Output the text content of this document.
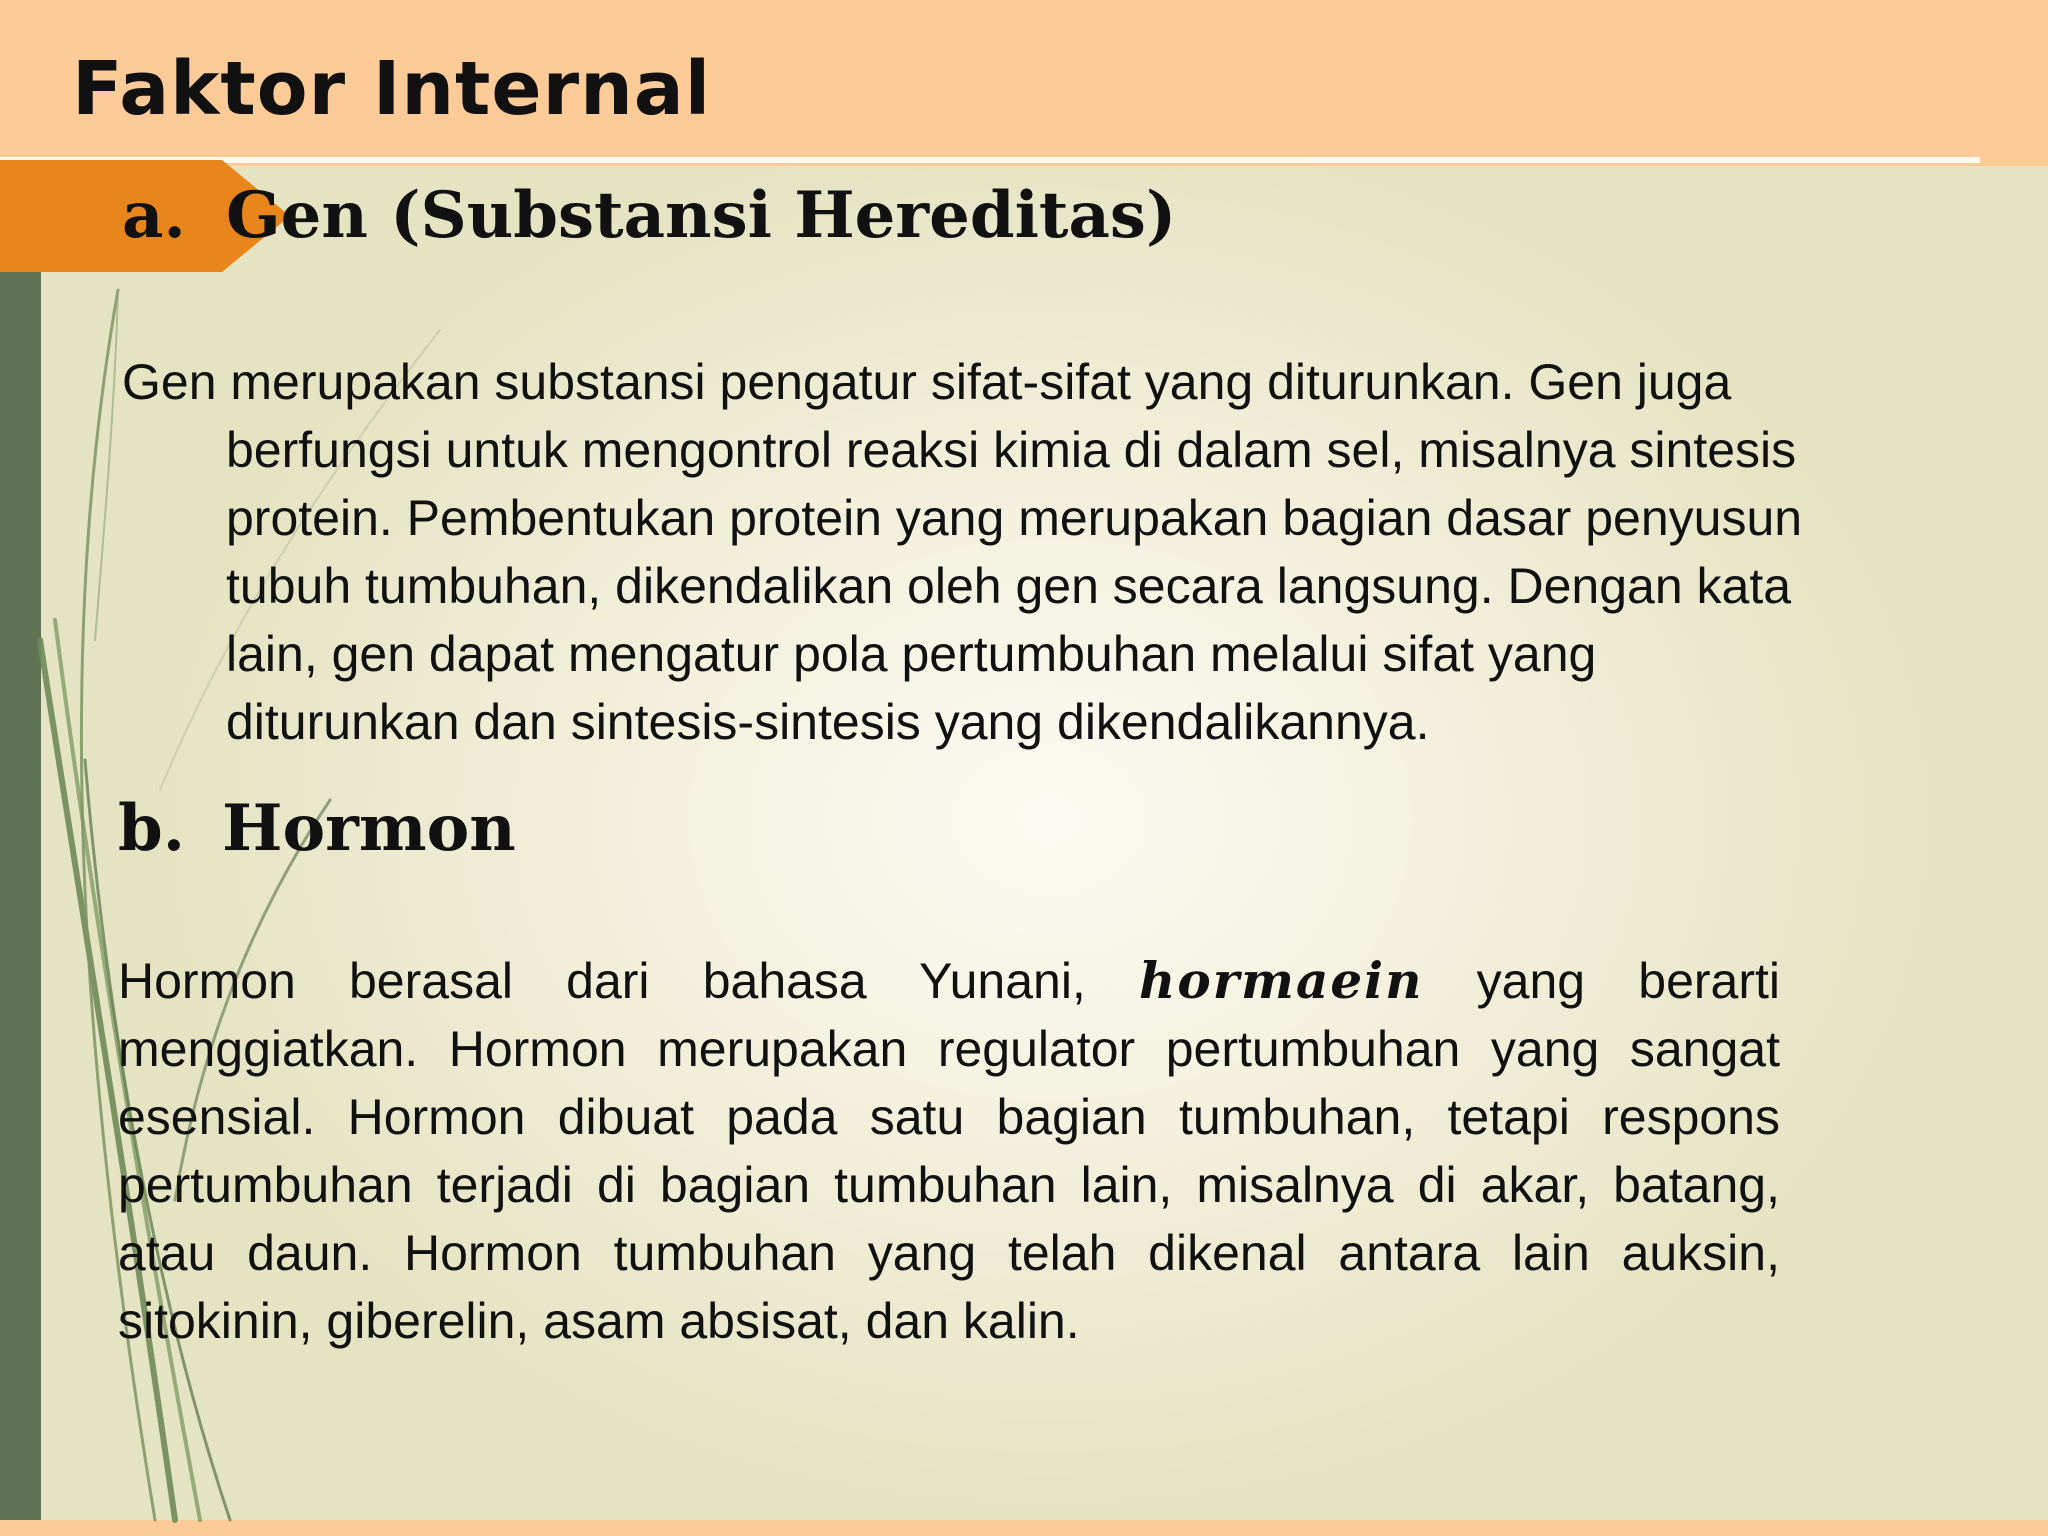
Faktor Internal
a. Gen (Substansi Hereditas)

Gen merupakan substansi pengatur sifat-sifat yang diturunkan. Gen juga berfungsi untuk mengontrol reaksi kimia di dalam sel, misalnya sintesis protein. Pembentukan protein yang merupakan bagian dasar penyusun tubuh tumbuhan, dikendalikan oleh gen secara langsung. Dengan kata lain, gen dapat mengatur pola pertumbuhan melalui sifat yang diturunkan dan sintesis-sintesis yang dikendalikannya.

b. Hormon

Hormon berasal dari bahasa Yunani, hormaein yang berarti menggiatkan. Hormon merupakan regulator pertumbuhan yang sangat esensial. Hormon dibuat pada satu bagian tumbuhan, tetapi respons pertumbuhan terjadi di bagian tumbuhan lain, misalnya di akar, batang, atau daun. Hormon tumbuhan yang telah dikenal antara lain auksin, sitokinin, giberelin, asam absisat, dan kalin.
